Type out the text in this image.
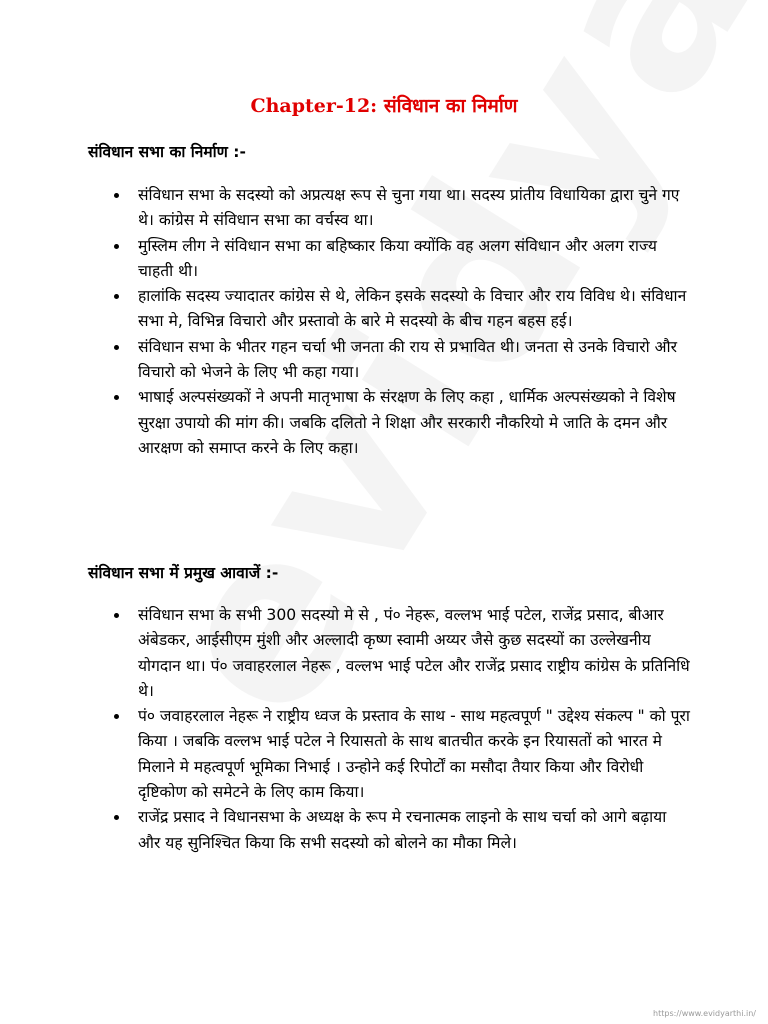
Chapter-12: संविधान का निर्माण
संविधान सभा का निर्माण :-
संविधान सभा के सदस्यो को अप्रत्यक्ष रूप से चुना गया था। सदस्य प्रांतीय विधायिका द्वारा चुने गए थे। कांग्रेस मे संविधान सभा का वर्चस्व था।
मुस्लिम लीग ने संविधान सभा का बहिष्कार किया क्योंकि वह अलग संविधान और अलग राज्य चाहती थी।
हालांकि सदस्य ज्यादातर कांग्रेस से थे, लेकिन इसके सदस्यो के विचार और राय विविध थे। संविधान सभा मे, विभिन्न विचारो और प्रस्तावो के बारे मे सदस्यो के बीच गहन बहस हई।
संविधान सभा के भीतर गहन चर्चा भी जनता की राय से प्रभावित थी। जनता से उनके विचारो और विचारो को भेजने के लिए भी कहा गया।
भाषाई अल्पसंख्यकों ने अपनी मातृभाषा के संरक्षण के लिए कहा , धार्मिक अल्पसंख्यको ने विशेष सुरक्षा उपायो की मांग की। जबकि दलितो ने शिक्षा और सरकारी नौकरियो मे जाति के दमन और आरक्षण को समाप्त करने के लिए कहा।
संविधान सभा में प्रमुख आवाजें :-
संविधान सभा के सभी 300 सदस्यो मे से , पं० नेहरू, वल्लभ भाई पटेल, राजेंद्र प्रसाद, बीआर अंबेडकर, आईसीएम मुंशी और अल्लादी कृष्ण स्वामी अय्यर जैसे कुछ सदस्यों का उल्लेखनीय योगदान था। पं० जवाहरलाल नेहरू , वल्लभ भाई पटेल और राजेंद्र प्रसाद राष्ट्रीय कांग्रेस के प्रतिनिधि थे।
पं० जवाहरलाल नेहरू ने राष्ट्रीय ध्वज के प्रस्ताव के साथ - साथ महत्वपूर्ण " उद्देश्य संकल्प " को पूरा किया । जबकि वल्लभ भाई पटेल ने रियासतो के साथ बातचीत करके इन रियासतों को भारत मे मिलाने मे महत्वपूर्ण भूमिका निभाई । उन्होने कई रिपोर्टों का मसौदा तैयार किया और विरोधी दृष्टिकोण को समेटने के लिए काम किया।
राजेंद्र प्रसाद ने विधानसभा के अध्यक्ष के रूप मे रचनात्मक लाइनो के साथ चर्चा को आगे बढ़ाया और यह सुनिश्चित किया कि सभी सदस्यो को बोलने का मौका मिले।
https://www.evidyarthi.in/
